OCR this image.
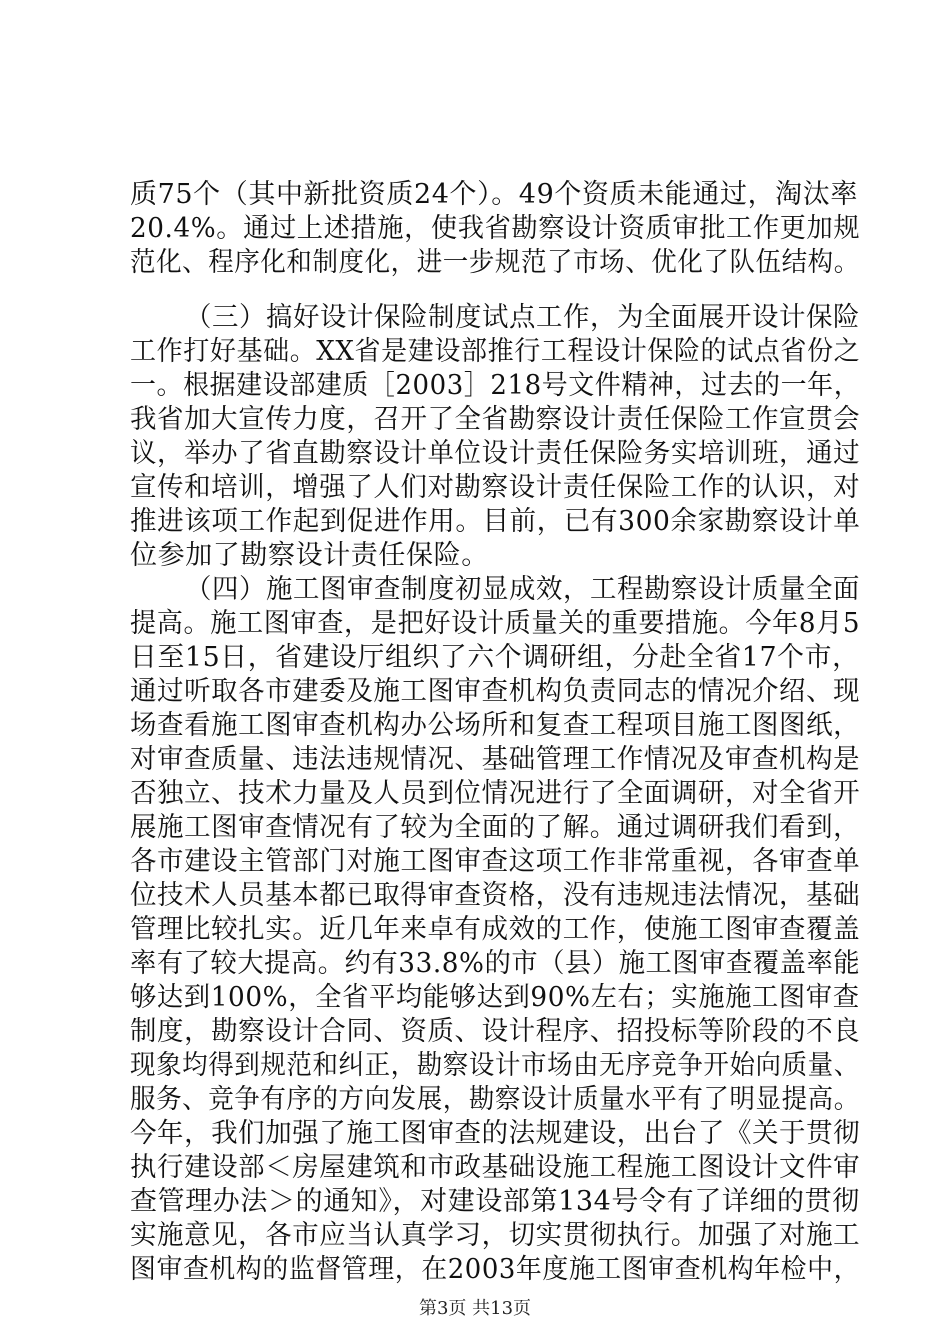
质75个（其中新批资质24个）。49个资质未能通过，淘汰率
20.4%。通过上述措施，使我省勘察设计资质审批工作更加规
范化、程序化和制度化，进一步规范了市场、优化了队伍结构。
（三）搞好设计保险制度试点工作，为全面展开设计保险
工作打好基础。XX省是建设部推行工程设计保险的试点省份之
一。根据建设部建质［2003］218号文件精神，过去的一年，
我省加大宣传力度，召开了全省勘察设计责任保险工作宣贯会
议，举办了省直勘察设计单位设计责任保险务实培训班，通过
宣传和培训，增强了人们对勘察设计责任保险工作的认识，对
推进该项工作起到促进作用。目前，已有300余家勘察设计单
位参加了勘察设计责任保险。
（四）施工图审查制度初显成效，工程勘察设计质量全面
提高。施工图审查，是把好设计质量关的重要措施。今年8月5
日至15日，省建设厅组织了六个调研组，分赴全省17个市，
通过听取各市建委及施工图审查机构负责同志的情况介绍、现
场查看施工图审查机构办公场所和复查工程项目施工图图纸，
对审查质量、违法违规情况、基础管理工作情况及审查机构是
否独立、技术力量及人员到位情况进行了全面调研，对全省开
展施工图审查情况有了较为全面的了解。通过调研我们看到，
各市建设主管部门对施工图审查这项工作非常重视，各审查单
位技术人员基本都已取得审查资格，没有违规违法情况，基础
管理比较扎实。近几年来卓有成效的工作，使施工图审查覆盖
率有了较大提高。约有33.8%的市（县）施工图审查覆盖率能
够达到100%，全省平均能够达到90%左右；实施施工图审查
制度，勘察设计合同、资质、设计程序、招投标等阶段的不良
现象均得到规范和纠正，勘察设计市场由无序竞争开始向质量、
服务、竞争有序的方向发展，勘察设计质量水平有了明显提高。
今年，我们加强了施工图审查的法规建设，出台了《关于贯彻
执行建设部＜房屋建筑和市政基础设施工程施工图设计文件审
查管理办法＞的通知》，对建设部第134号令有了详细的贯彻
实施意见，各市应当认真学习，切实贯彻执行。加强了对施工
图审查机构的监督管理，在2003年度施工图审查机构年检中，
第3页 共13页
